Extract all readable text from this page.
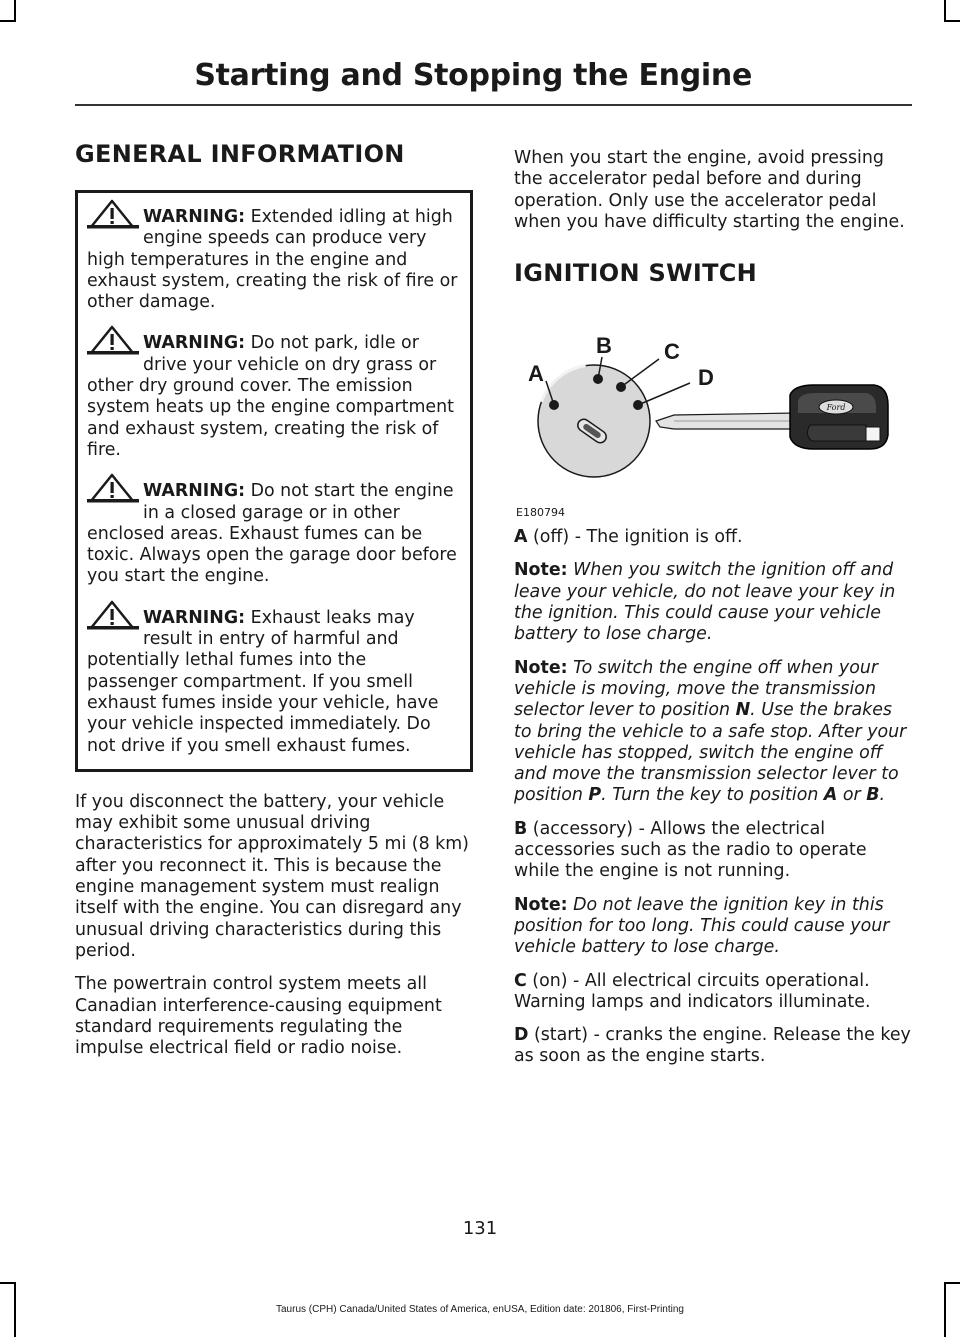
Starting and Stopping the Engine
GENERAL INFORMATION

WARNING: Extended idling at high engine speeds can produce very high temperatures in the engine and exhaust system, creating the risk of fire or other damage.

WARNING: Do not park, idle or drive your vehicle on dry grass or other dry ground cover. The emission system heats up the engine compartment and exhaust system, creating the risk of fire.

WARNING: Do not start the engine in a closed garage or in other enclosed areas. Exhaust fumes can be toxic. Always open the garage door before you start the engine.

WARNING: Exhaust leaks may result in entry of harmful and potentially lethal fumes into the passenger compartment. If you smell exhaust fumes inside your vehicle, have your vehicle inspected immediately. Do not drive if you smell exhaust fumes.

If you disconnect the battery, your vehicle may exhibit some unusual driving characteristics for approximately 5 mi (8 km) after you reconnect it. This is because the engine management system must realign itself with the engine. You can disregard any unusual driving characteristics during this period.

The powertrain control system meets all Canadian interference-causing equipment standard requirements regulating the impulse electrical field or radio noise.

When you start the engine, avoid pressing the accelerator pedal before and during operation. Only use the accelerator pedal when you have difficulty starting the engine.

IGNITION SWITCH
Ford
A
B C
D
E180794

A (off) - The ignition is off.

Note: When you switch the ignition off and leave your vehicle, do not leave your key in the ignition. This could cause your vehicle battery to lose charge.

Note: To switch the engine off when your vehicle is moving, move the transmission selector lever to position N. Use the brakes to bring the vehicle to a safe stop. After your vehicle has stopped, switch the engine off and move the transmission selector lever to position P. Turn the key to position A or B.

B (accessory) - Allows the electrical accessories such as the radio to operate while the engine is not running.

Note: Do not leave the ignition key in this position for too long. This could cause your vehicle battery to lose charge.

C (on) - All electrical circuits operational. Warning lamps and indicators illuminate.

D (start) - cranks the engine. Release the key as soon as the engine starts.

131
Taurus (CPH) Canada/United States of America, enUSA, Edition date: 201806, First-Printing
